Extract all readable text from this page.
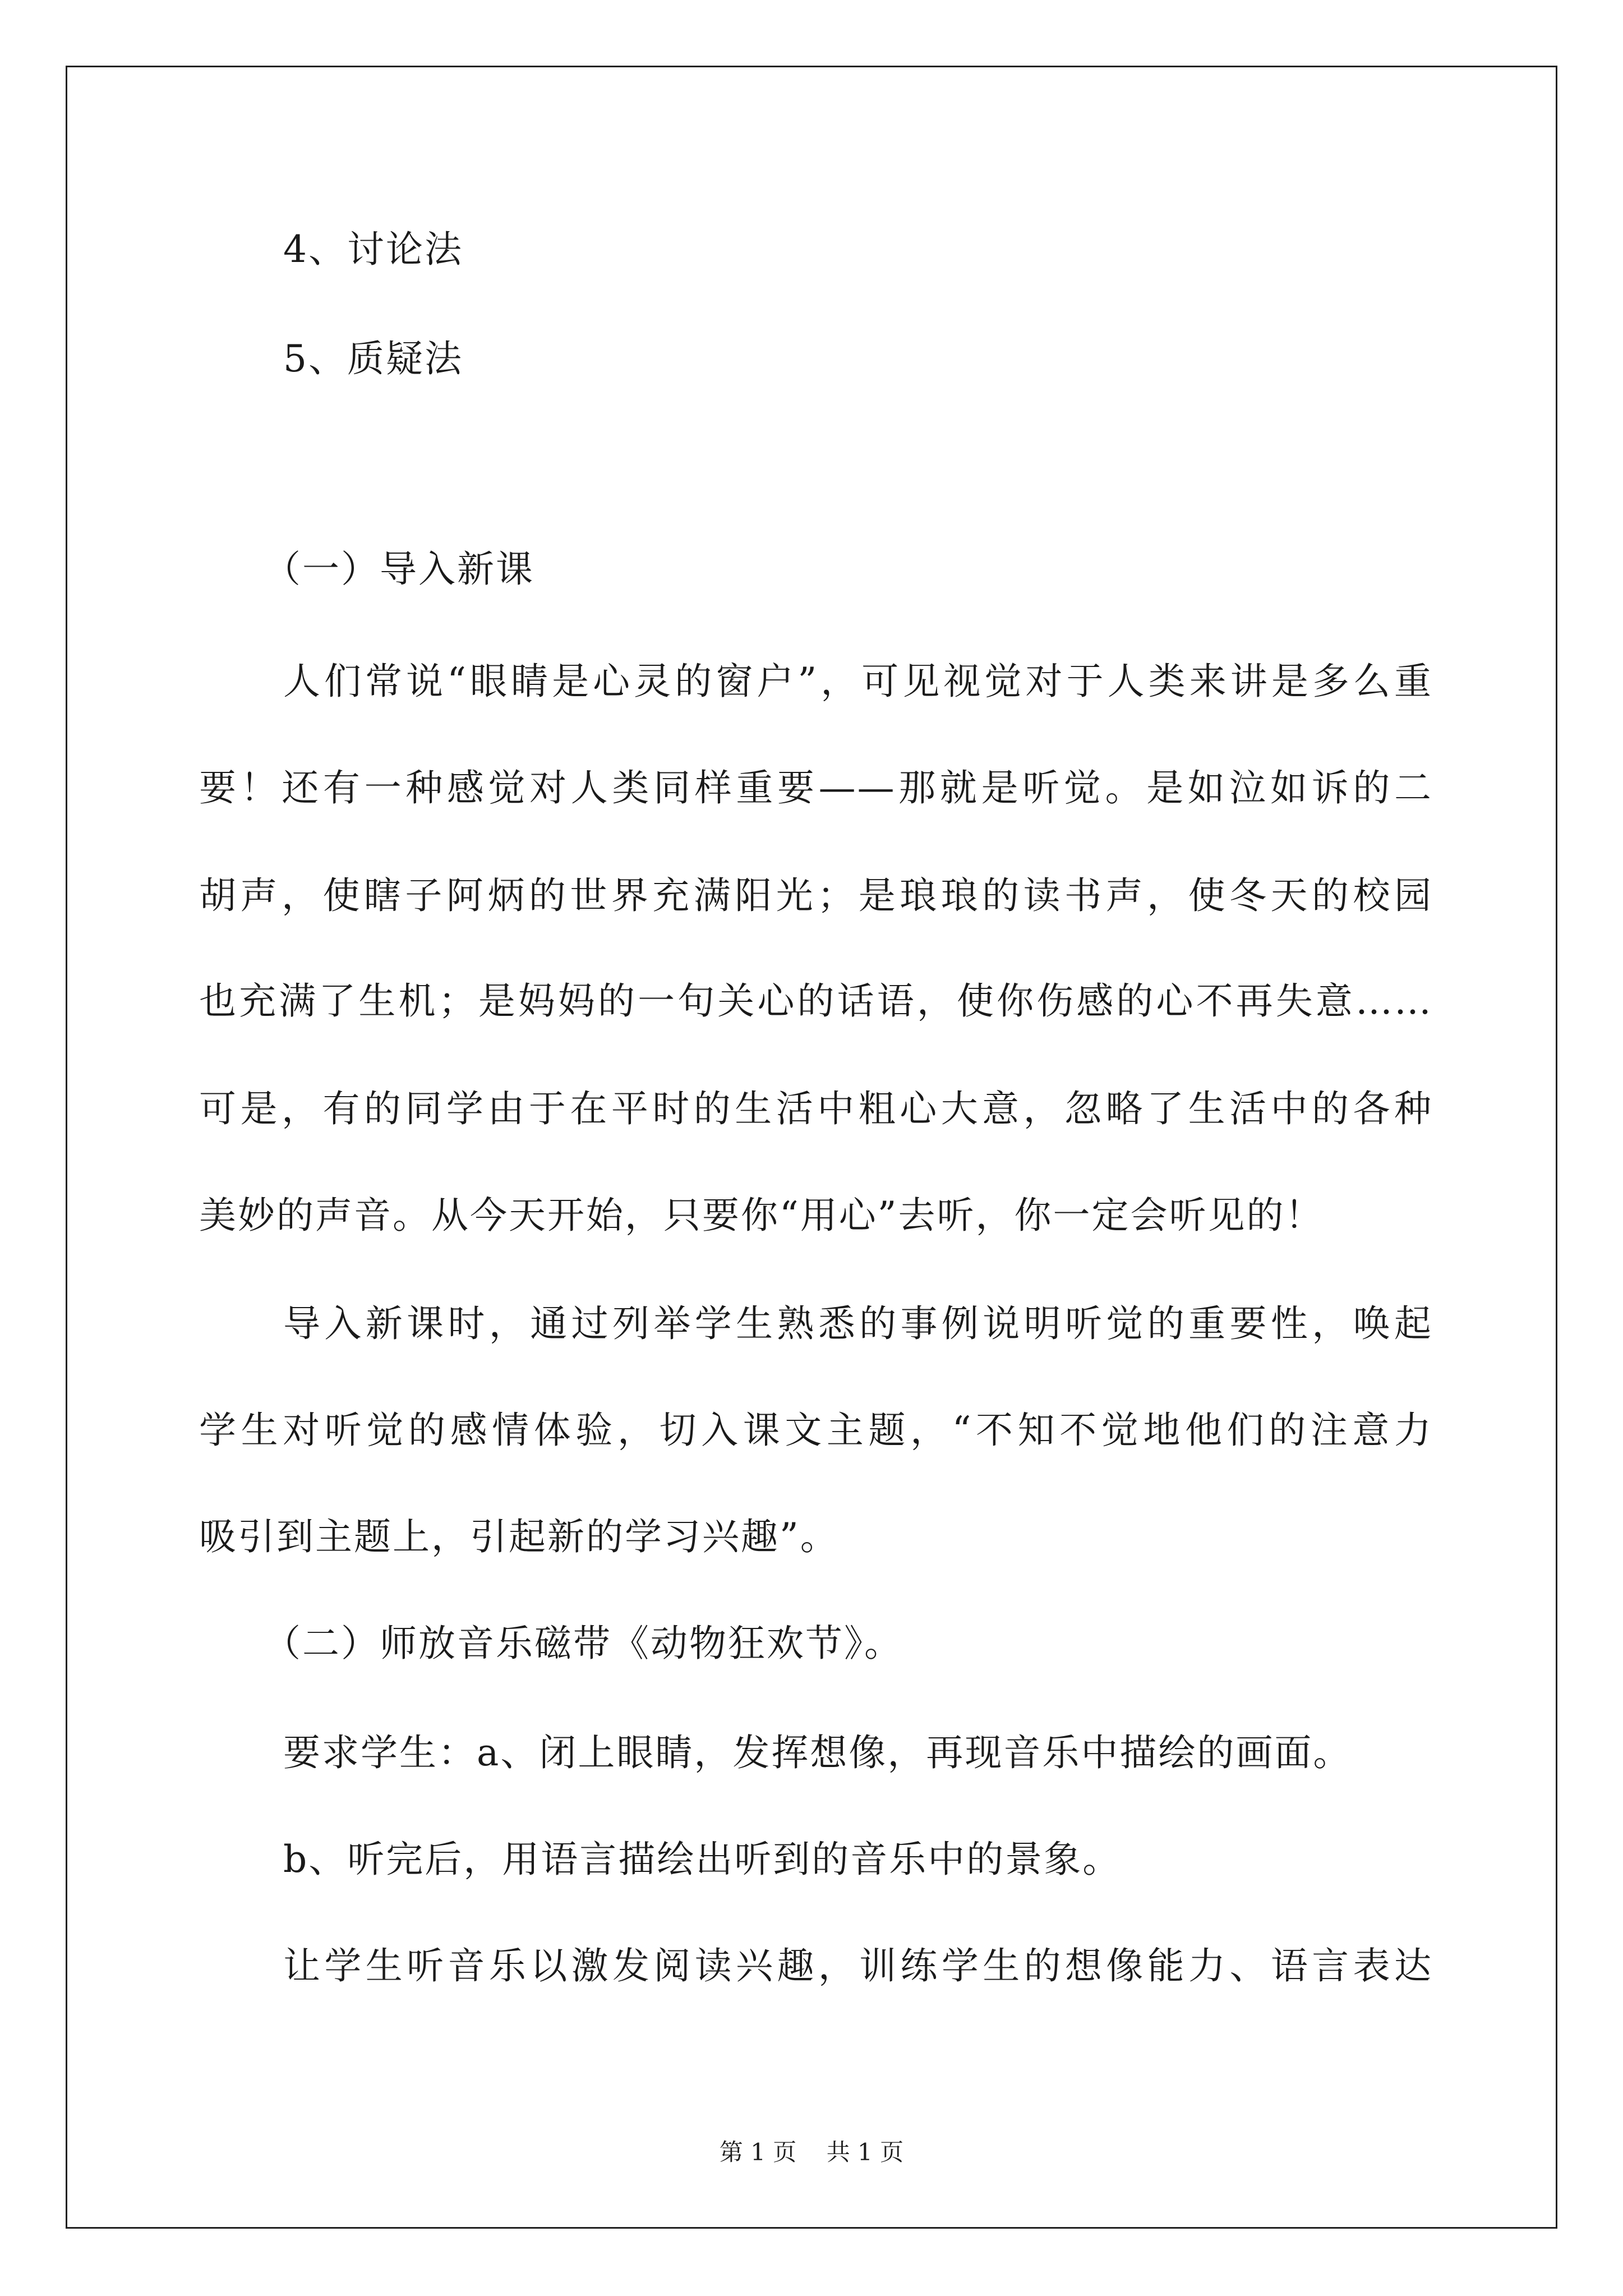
4、讨论法
5、质疑法
（一）导入新课
人们常说“眼睛是心灵的窗户”，可见视觉对于人类来讲是多么重
要！还有一种感觉对人类同样重要——那就是听觉。是如泣如诉的二
胡声，使瞎子阿炳的世界充满阳光；是琅琅的读书声，使冬天的校园
也充满了生机；是妈妈的一句关心的话语，使你伤感的心不再失意……
可是，有的同学由于在平时的生活中粗心大意，忽略了生活中的各种
美妙的声音。从今天开始，只要你“用心”去听，你一定会听见的！
导入新课时，通过列举学生熟悉的事例说明听觉的重要性，唤起
学生对听觉的感情体验，切入课文主题，“不知不觉地他们的注意力
吸引到主题上，引起新的学习兴趣”。
（二）师放音乐磁带《动物狂欢节》。
要求学生：a、闭上眼睛，发挥想像，再现音乐中描绘的画面。
b、听完后，用语言描绘出听到的音乐中的景象。
让学生听音乐以激发阅读兴趣，训练学生的想像能力、语言表达
第 1 页    共 1 页
